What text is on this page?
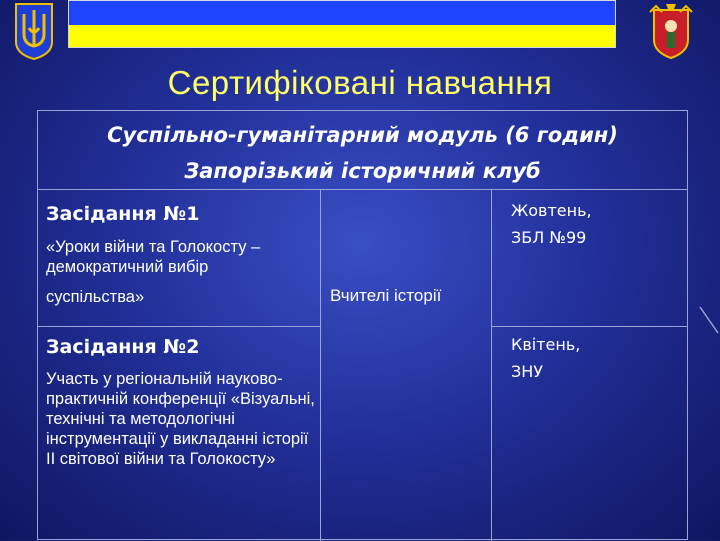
Сертифіковані навчання
Суспільно-гуманітарний модуль (6 годин)
Запорізький історичний клуб
Засідання №1
«Уроки війни та Голокосту – демократичний вибір
суспільства»
Засідання №2
Участь у регіональній науково-практичній конференції «Візуальні, технічні та методологічні інструментації у викладанні історії ІІ світової війни та Голокосту»
Вчителі історії
Жовтень,
ЗБЛ №99
Квітень,
ЗНУ
